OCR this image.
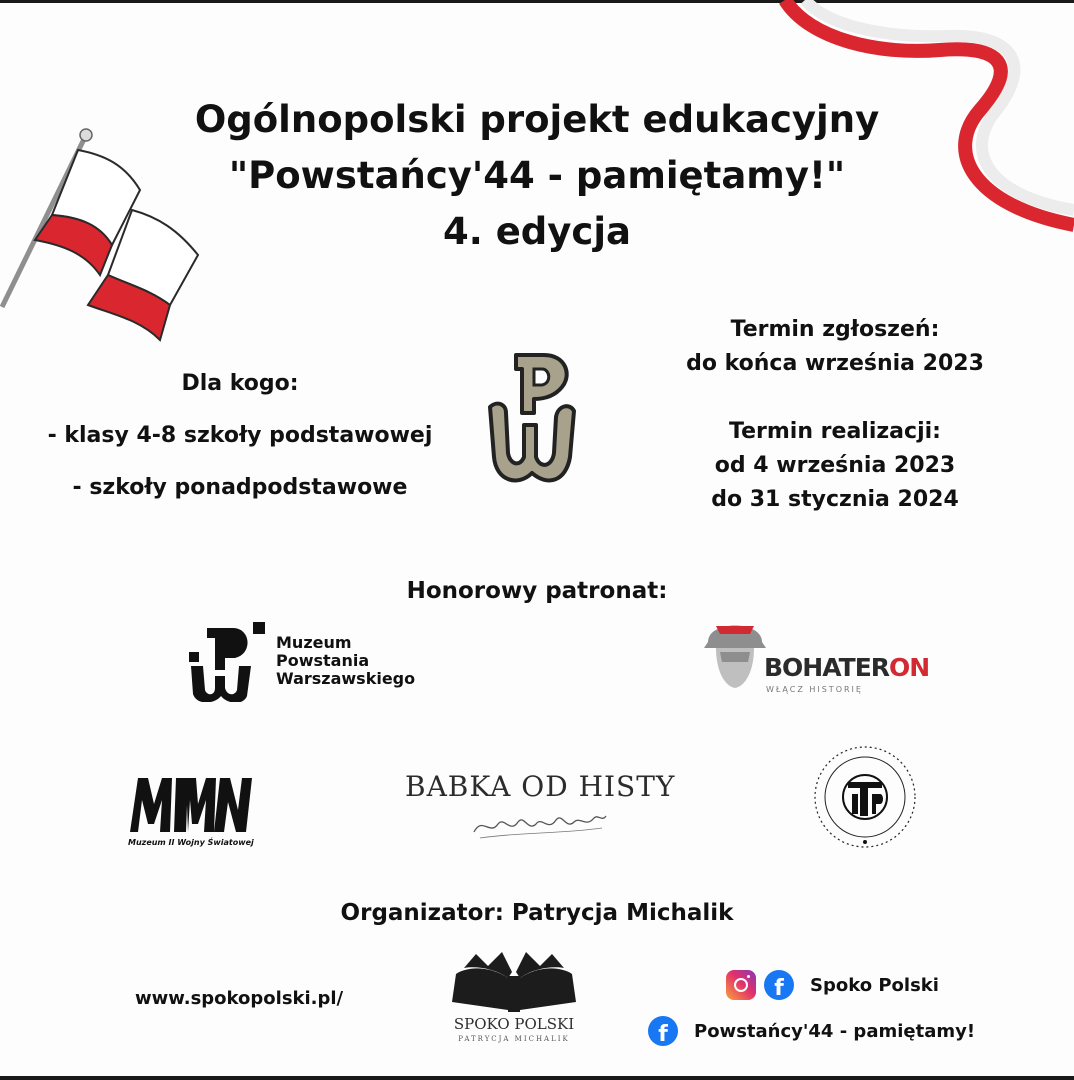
Ogólnopolski projekt edukacyjny
"Powstańcy'44 - pamiętamy!"
4. edycja
Dla kogo:
- klasy 4-8 szkoły podstawowej
- szkoły ponadpodstawowe
Termin zgłoszeń:
do końca września 2023
Termin realizacji:
od 4 września 2023
do 31 stycznia 2024
Honorowy patronat:
Muzeum
Powstania
Warszawskiego	BOHATERON
WŁĄCZ HISTORIĘ
Muzeum II Wojny Światowej
BABKA OD HISTY
Organizator: Patrycja Michalik
www.spokopolski.pl/
SPOKO POLSKI
PATRYCJA MICHALIK
f	Spoko Polski
f	Powstańcy'44 - pamiętamy!
